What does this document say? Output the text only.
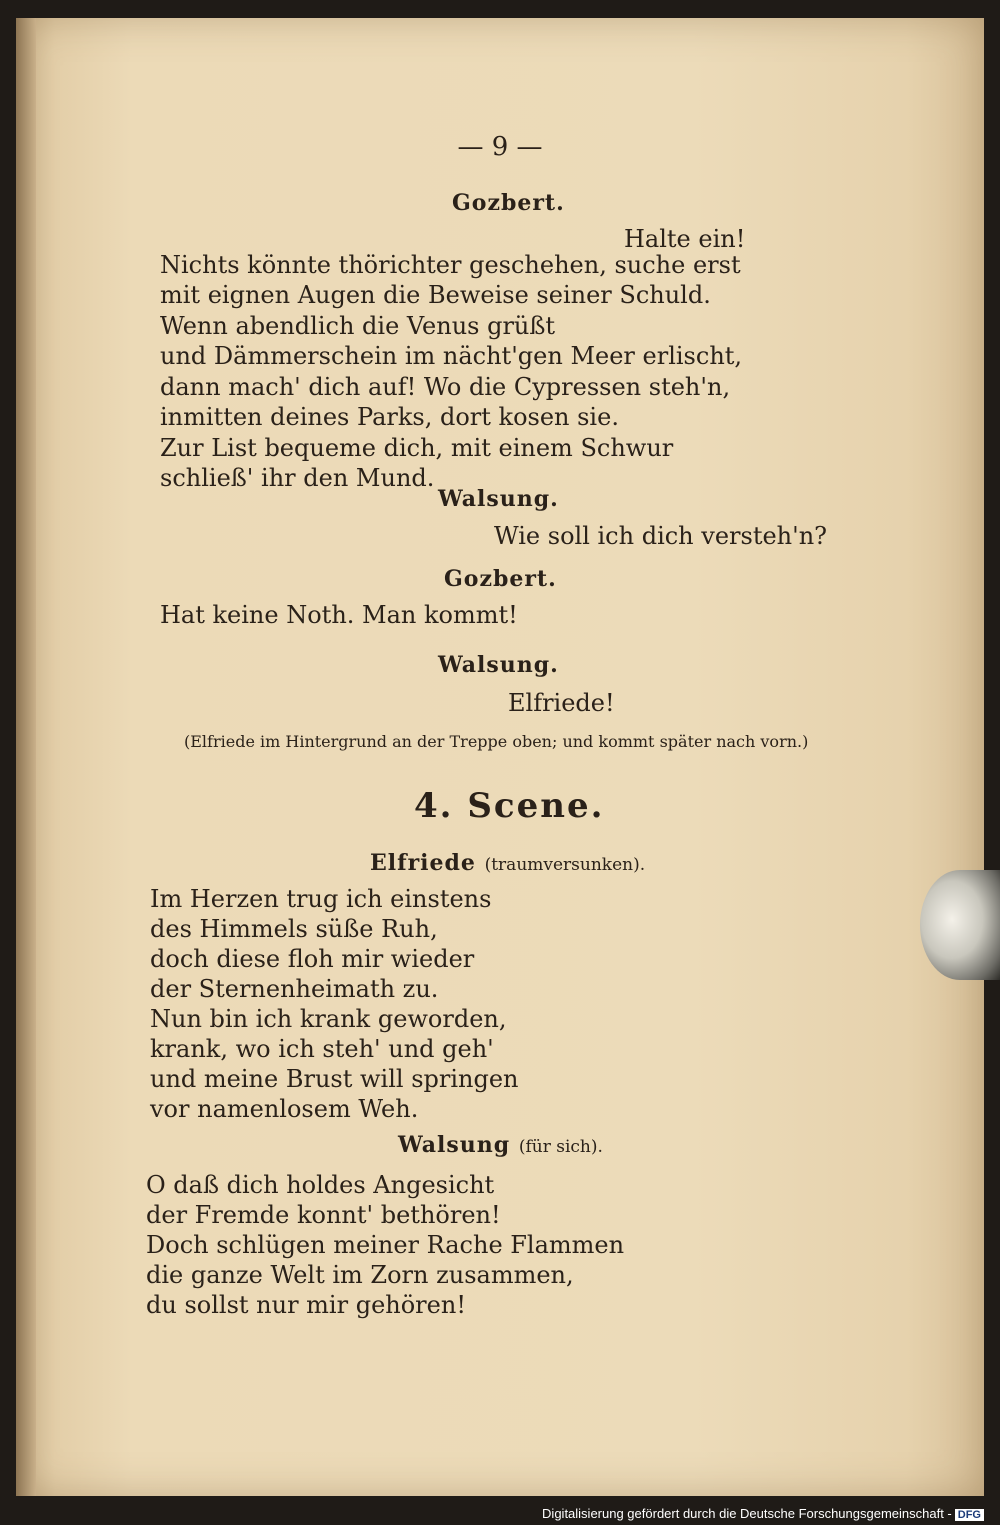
— 9 —
Gozbert.
Halte ein!
Nichts könnte thörichter geschehen, suche erst
mit eignen Augen die Beweise seiner Schuld.
Wenn abendlich die Venus grüßt
und Dämmerschein im nächt'gen Meer erlischt,
dann mach' dich auf! Wo die Cypressen steh'n,
inmitten deines Parks, dort kosen sie.
Zur List bequeme dich, mit einem Schwur
schließ' ihr den Mund.
Walsung.
Wie soll ich dich versteh'n?
Gozbert.
Hat keine Noth. Man kommt!
Walsung.
Elfriede!
(Elfriede im Hintergrund an der Treppe oben; und kommt später nach vorn.)
4. Scene.
Elfriede (traumversunken).
Im Herzen trug ich einstens
des Himmels süße Ruh,
doch diese floh mir wieder
der Sternenheimath zu.
Nun bin ich krank geworden,
krank, wo ich steh' und geh'
und meine Brust will springen
vor namenlosem Weh.
Walsung (für sich).
O daß dich holdes Angesicht
der Fremde konnt' bethören!
Doch schlügen meiner Rache Flammen
die ganze Welt im Zorn zusammen,
du sollst nur mir gehören!
Digitalisierung gefördert durch die Deutsche Forschungsgemeinschaft - DFG
